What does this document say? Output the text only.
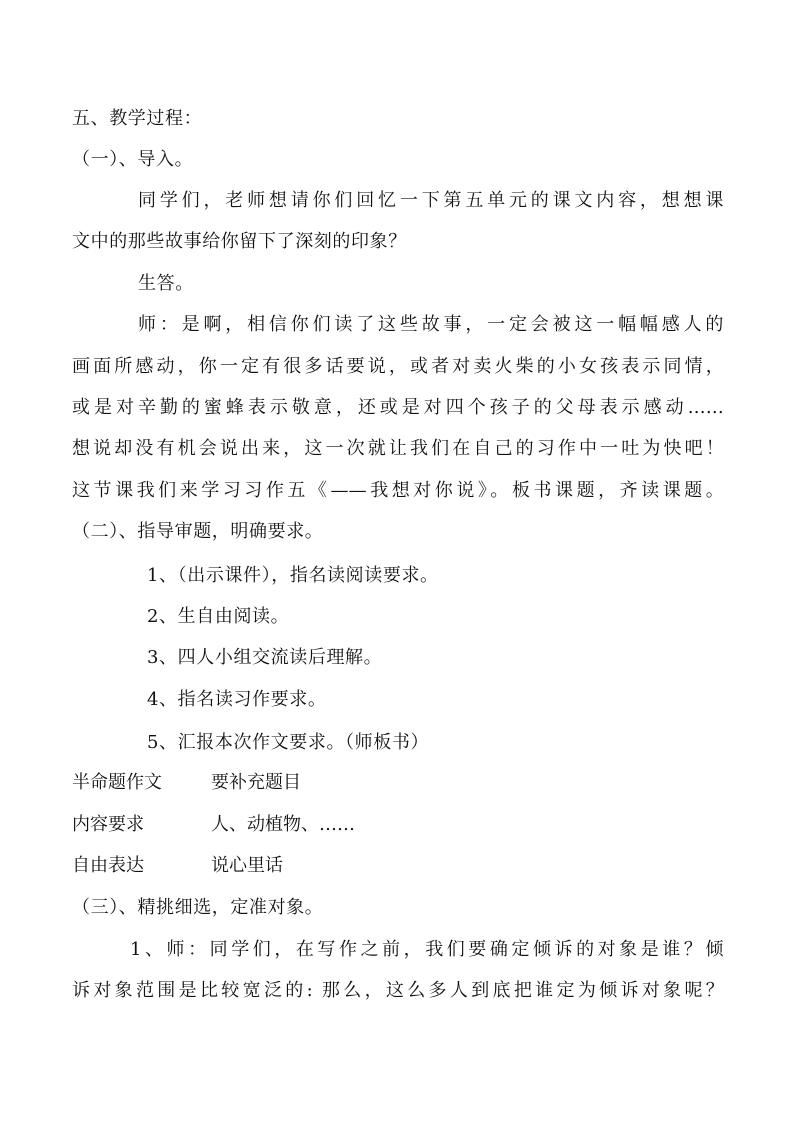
五、教学过程：
（一）、导入。
同学们，老师想请你们回忆一下第五单元的课文内容，想想课
文中的那些故事给你留下了深刻的印象？
生答。
师：是啊，相信你们读了这些故事，一定会被这一幅幅感人的
画面所感动，你一定有很多话要说，或者对卖火柴的小女孩表示同情，
或是对辛勤的蜜蜂表示敬意，还或是对四个孩子的父母表示感动……
想说却没有机会说出来，这一次就让我们在自己的习作中一吐为快吧！
这节课我们来学习习作五《——我想对你说》。板书课题，齐读课题。
（二）、指导审题，明确要求。
1、（出示课件），指名读阅读要求。
2、生自由阅读。
3、四人小组交流读后理解。
4、指名读习作要求。
5、汇报本次作文要求。（师板书）
半命题作文	要补充题目
内容要求	人、动植物、……
自由表达	说心里话
（三）、精挑细选，定准对象。
1、师：同学们，在写作之前，我们要确定倾诉的对象是谁？倾
诉对象范围是比较宽泛的: 那么，这么多人到底把谁定为倾诉对象呢？
